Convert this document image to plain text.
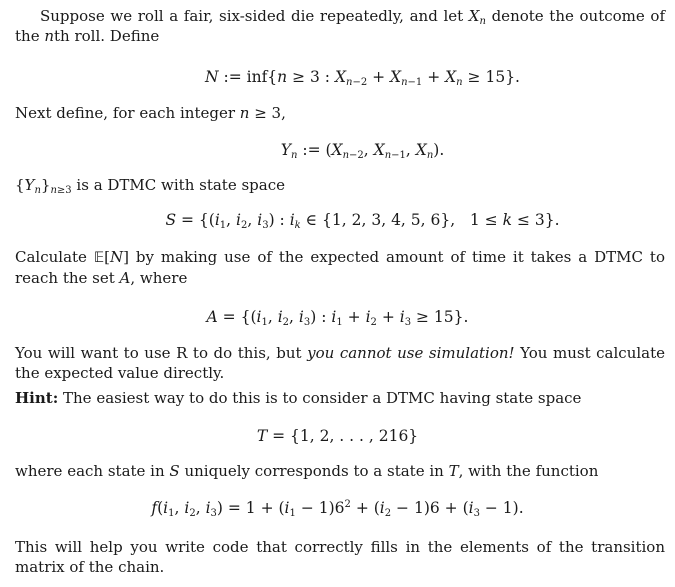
Suppose we roll a fair, six-sided die repeatedly, and let $X_n$ denote the outcome of the nth roll. Define
N := inf{n ≥ 3 : $X_{n-2} + X_{n-1} + X_n \ge 15$}.
Next define, for each integer n ≥ 3,
$Y_n$ := ($X_{n-2}$, $X_{n-1}$, $X_n$).
$\{Y_n\}_{n\ge 3}$ is a DTMC with state space
$S = \{(i_1$, $i_2$, $i_3$) : $i_k$ ∈ {1, 2, 3, 4, 5, 6},   1 ≤ k ≤ 3}.
Calculate 𝔼[N] by making use of the expected amount of time it takes a DTMC to reach the set A, where
$A = \{(i_1$, $i_2$, $i_3$) : $i_1 + i_2 + i_3 \ge 15$}.
You will want to use R to do this, but you cannot use simulation! You must calculate the expected value directly.
Hint: The easiest way to do this is to consider a DTMC having state space
T = {1, 2, . . . , 216}
where each state in S uniquely corresponds to a state in T, with the function
$f(i_1$, $i_2$, $i_3) = 1 + (i_1 - 1)6^2 + (i_2 - 1)6 + (i_3 - 1)$.
This will help you write code that correctly fills in the elements of the transition matrix of the chain.
